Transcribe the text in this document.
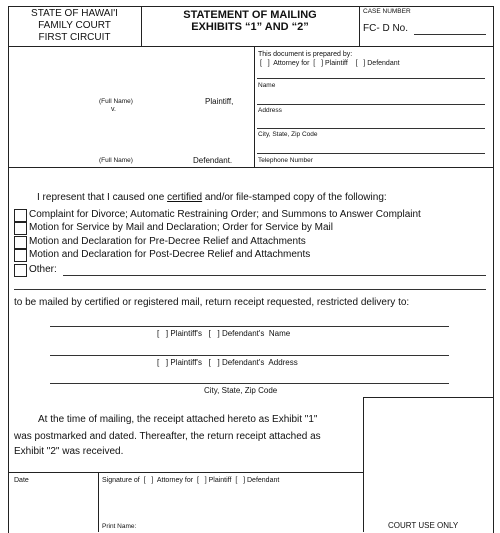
STATE OF HAWAI'I
FAMILY COURT
FIRST CIRCUIT
STATEMENT OF MAILING
EXHIBITS “1” AND “2”
CASE NUMBER
FC- D No.
(Full Name)
v.
Plaintiff,
(Full Name)	Defendant.
This document is prepared by:
[   ]  Attorney for  [   ] Plaintiff    [   ] Defendant
Name
Address
City, State, Zip Code
Telephone Number
I represent that I caused one certified and/or file-stamped copy of the following:
Complaint for Divorce; Automatic Restraining Order; and Summons to Answer Complaint
Motion for Service by Mail and Declaration; Order for Service by Mail
Motion and Declaration for Pre-Decree Relief and Attachments
Motion and Declaration for Post-Decree Relief and Attachments
Other:
to be mailed by certified or registered mail, return receipt requested, restricted delivery to:
[   ] Plaintiff's   [   ] Defendant's  Name
[   ] Plaintiff's   [   ] Defendant's  Address
City, State, Zip Code
At the time of mailing, the receipt attached hereto as Exhibit "1"
was postmarked and dated. Thereafter, the return receipt attached as
Exhibit "2" was received.
Date	Signature of  [   ]  Attorney for  [   ] Plaintiff  [   ] Defendant
Print Name:	COURT USE ONLY
